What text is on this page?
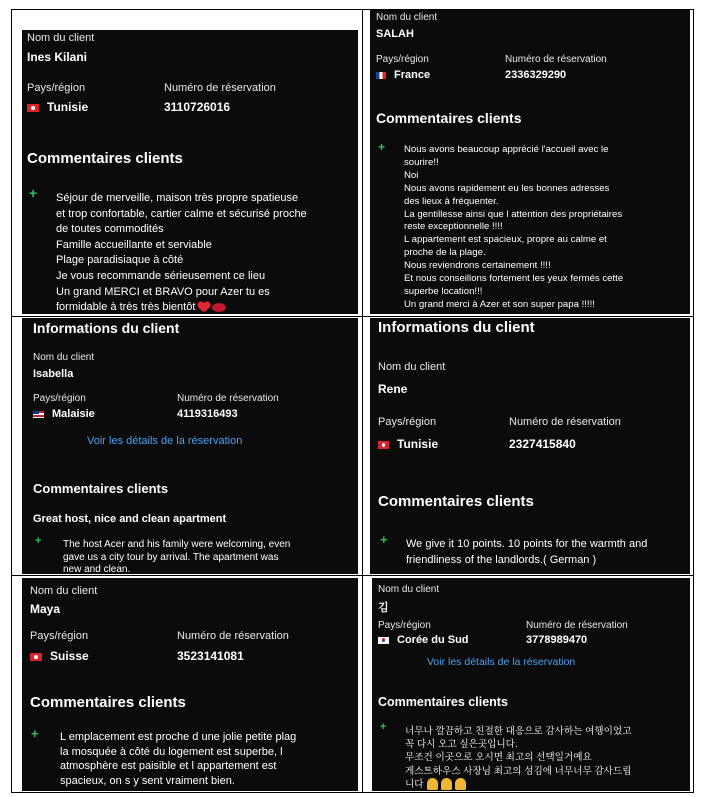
Nom du client
Ines Kilani
Pays/région	Numéro de réservation
Tunisie	3110726016
Commentaires clients
+ Séjour de merveille, maison très propre spatieuse
et trop confortable, cartier calme et sécurisé proche
de toutes commodités
Famille accueillante et serviable
Plage paradisiaque à côté
Je vous recommande sérieusement ce lieu
Un grand MERCI et BRAVO pour Azer tu es
formidable à très très bientôt
Nom du client
SALAH
Pays/région	Numéro de réservation
France	2336329290
Commentaires clients
+ Nous avons beaucoup apprécié l'accueil avec le
sourire!!
Noi
Nous avons rapidement eu les bonnes adresses
des lieux à fréquenter.
La gentillesse ainsi que l attention des propriétaires
reste exceptionnelle !!!!
L appartement est spacieux, propre au calme et
proche de la plage.
Nous reviendrons certainement !!!!
Et nous conseillons fortement les yeux fermés cette
superbe location!!!
Un grand merci à Azer et son super papa !!!!!
Informations du client
Nom du client
Isabella
Pays/région	Numéro de réservation
Malaisie	4119316493
Voir les détails de la réservation
Commentaires clients
Great host, nice and clean apartment
+ The host Acer and his family were welcoming, even
gave us a city tour by arrival. The apartment was
new and clean.
Informations du client
Nom du client
Rene
Pays/région	Numéro de réservation
Tunisie	2327415840
Commentaires clients
+ We give it 10 points. 10 points for the warmth and
friendliness of the landlords.( German )
Nom du client
Maya
Pays/région	Numéro de réservation
Suisse	3523141081
Commentaires clients
+ L emplacement est proche d une jolie petite plag
la mosquée à côté du logement est superbe, l
atmosphère est paisible et l appartement est
spacieux, on s y sent vraiment bien.
Nom du client
김
Pays/région	Numéro de réservation
Corée du Sud	3778989470
Voir les détails de la réservation
Commentaires clients
+ 너무나 깔끔하고 친절한 대응으로 감사하는 여행이었고
꼭 다시 오고 싶은곳입니다.
무조건 이곳으로 오시면 최고의 선택일거예요
게스트하우스 사장님 최고의 섬김에 너무너무 감사드립
니다
